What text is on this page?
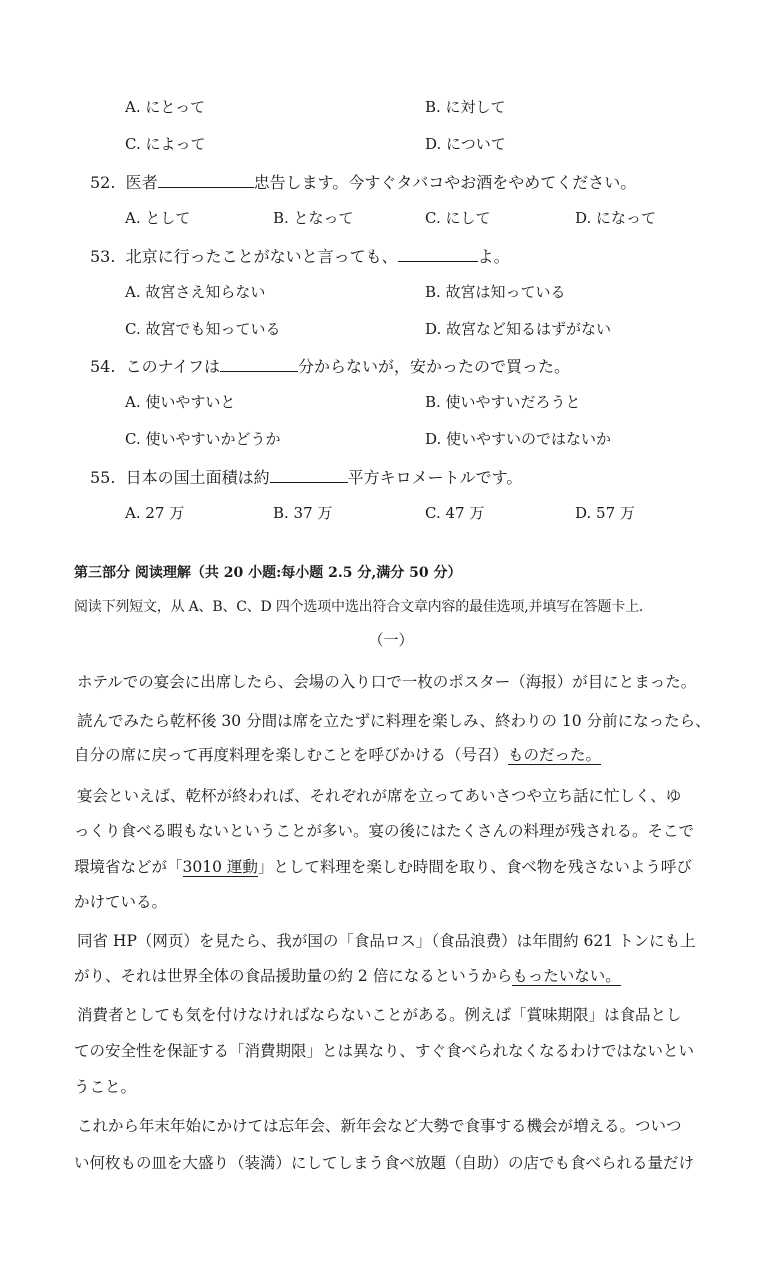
A. にとって	B. に対して
C. によって	D. について
52. 医者	忠告します。今すぐタバコやお酒をやめてください。
A. として	B. となって	C. にして	D. になって
53. 北京に行ったことがないと言っても、	よ。
A. 故宮さえ知らない	B. 故宮は知っている
C. 故宮でも知っている	D. 故宮など知るはずがない
54. このナイフは	分からないが，安かったので買った。
A. 使いやすいと	B. 使いやすいだろうと
C. 使いやすいかどうか	D. 使いやすいのではないか
55. 日本の国土面積は約	平方キロメートルです。
A. 27 万	B. 37 万	C. 47 万	D. 57 万
第三部分 阅读理解（共 20 小题:每小题 2.5 分,满分 50 分）
阅读下列短文，从 A、B、C、D 四个选项中选出符合文章内容的最佳选项,并填写在答题卡上.
（一）
ホテルでの宴会に出席したら、会場の入り口で一枚のポスター（海报）が目にとまった。
読んでみたら乾杯後 30 分間は席を立たずに料理を楽しみ、終わりの 10 分前になったら、
自分の席に戻って再度料理を楽しむことを呼びかける（号召）ものだった。
宴会といえば、乾杯が終われば、それぞれが席を立ってあいさつや立ち話に忙しく、ゆ
っくり食べる暇もないということが多い。宴の後にはたくさんの料理が残される。そこで
環境省などが「3010 運動」として料理を楽しむ時間を取り、食べ物を残さないよう呼び
かけている。
同省 HP（网页）を見たら、我が国の「食品ロス」（食品浪费）は年間約 621 トンにも上
がり、それは世界全体の食品援助量の約 2 倍になるというからもったいない。
消費者としても気を付けなければならないことがある。例えば「賞味期限」は食品とし
ての安全性を保証する「消費期限」とは異なり、すぐ食べられなくなるわけではないとい
うこと。
これから年末年始にかけては忘年会、新年会など大勢で食事する機会が増える。ついつ
い何枚もの皿を大盛り（装満）にしてしまう食べ放題（自助）の店でも食べられる量だけ
